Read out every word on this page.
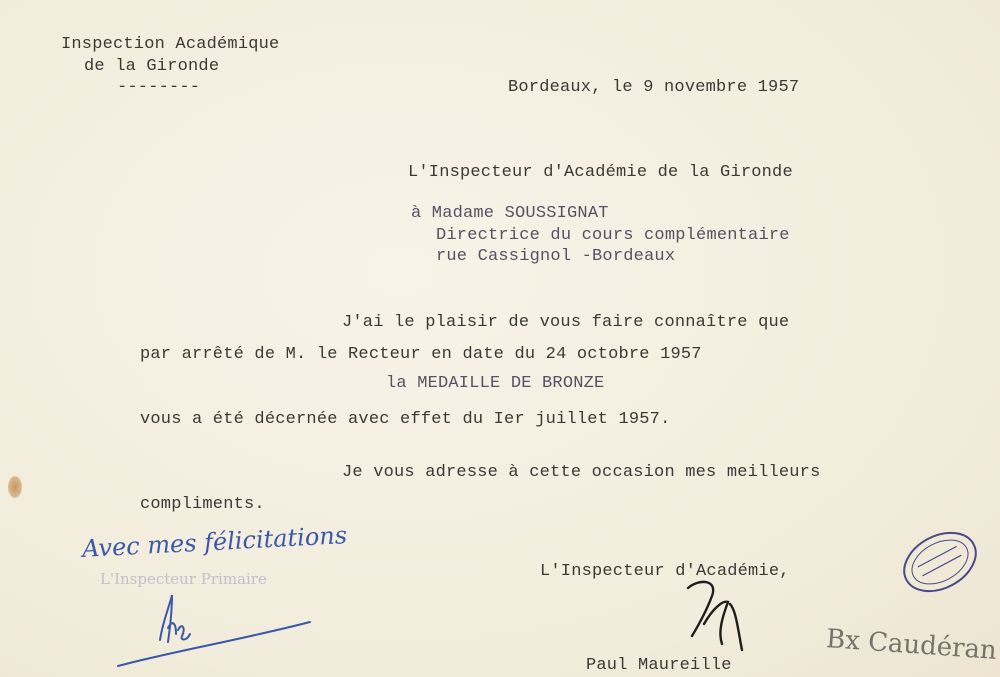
Inspection Académique
de la Gironde
--------	Bordeaux, le 9 novembre 1957
L'Inspecteur d'Académie de la Gironde
à Madame SOUSSIGNAT
Directrice du cours complémentaire
rue Cassignol -Bordeaux
J'ai le plaisir de vous faire connaître que
par arrêté de M. le Recteur en date du 24 octobre 1957
la MEDAILLE DE BRONZE
vous a été décernée avec effet du Ier juillet 1957.
Je vous adresse à cette occasion mes meilleurs
compliments.
L'Inspecteur d'Académie,
Paul Maureille
Avec mes félicitations
L'Inspecteur Primaire
Bx Caudéran
